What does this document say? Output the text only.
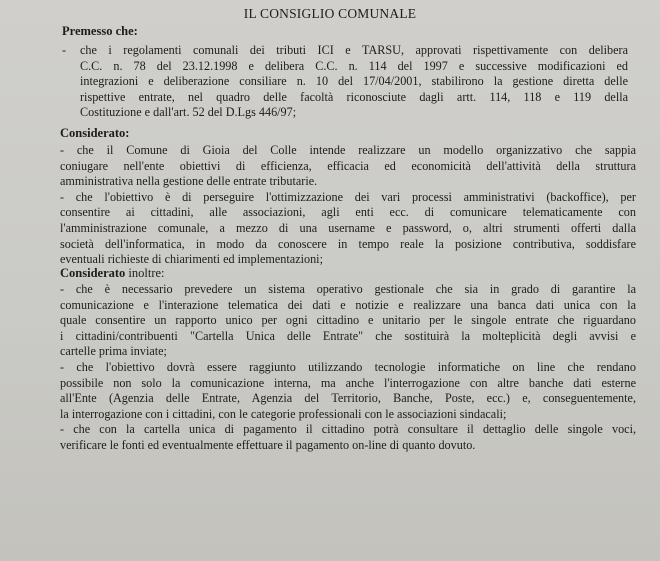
IL CONSIGLIO COMUNALE
Premesso che:
- che i regolamenti comunali dei tributi ICI e TARSU, approvati rispettivamente con delibera
C.C. n. 78 del 23.12.1998 e delibera C.C. n. 114 del 1997 e successive modificazioni ed
integrazioni e deliberazione consiliare n. 10 del 17/04/2001, stabilirono la gestione diretta delle
rispettive entrate, nel quadro delle facoltà riconosciute dagli artt. 114, 118 e 119 della
Costituzione e dall'art. 52 del D.Lgs 446/97;
Considerato:
- che il Comune di Gioia del Colle intende realizzare un modello organizzativo che sappia
coniugare nell'ente obiettivi di efficienza, efficacia ed economicità dell'attività della struttura
amministrativa nella gestione delle entrate tributarie.
- che l'obiettivo è di perseguire l'ottimizzazione dei vari processi amministrativi (backoffice), per
consentire ai cittadini, alle associazioni, agli enti ecc. di comunicare telematicamente con
l'amministrazione comunale, a mezzo di una username e password, o, altri strumenti offerti dalla
società dell'informatica, in modo da conoscere in tempo reale la posizione contributiva, soddisfare
eventuali richieste di chiarimenti ed implementazioni;
Considerato inoltre:
- che è necessario prevedere un sistema operativo gestionale che sia in grado di garantire la
comunicazione e l'interazione telematica dei dati e notizie e realizzare una banca dati unica con la
quale consentire un rapporto unico per ogni cittadino e unitario per le singole entrate che riguardano
i cittadini/contribuenti "Cartella Unica delle Entrate" che sostituirà la molteplicità degli avvisi e
cartelle prima inviate;
- che l'obiettivo dovrà essere raggiunto utilizzando tecnologie informatiche on line che rendano
possibile non solo la comunicazione interna, ma anche l'interrogazione con altre banche dati esterne
all'Ente (Agenzia delle Entrate, Agenzia del Territorio, Banche, Poste, ecc.) e, conseguentemente,
la interrogazione con i cittadini, con le categorie professionali con le associazioni sindacali;
- che con la cartella unica di pagamento il cittadino potrà consultare il dettaglio delle singole voci,
verificare le fonti ed eventualmente effettuare il pagamento on-line di quanto dovuto.
